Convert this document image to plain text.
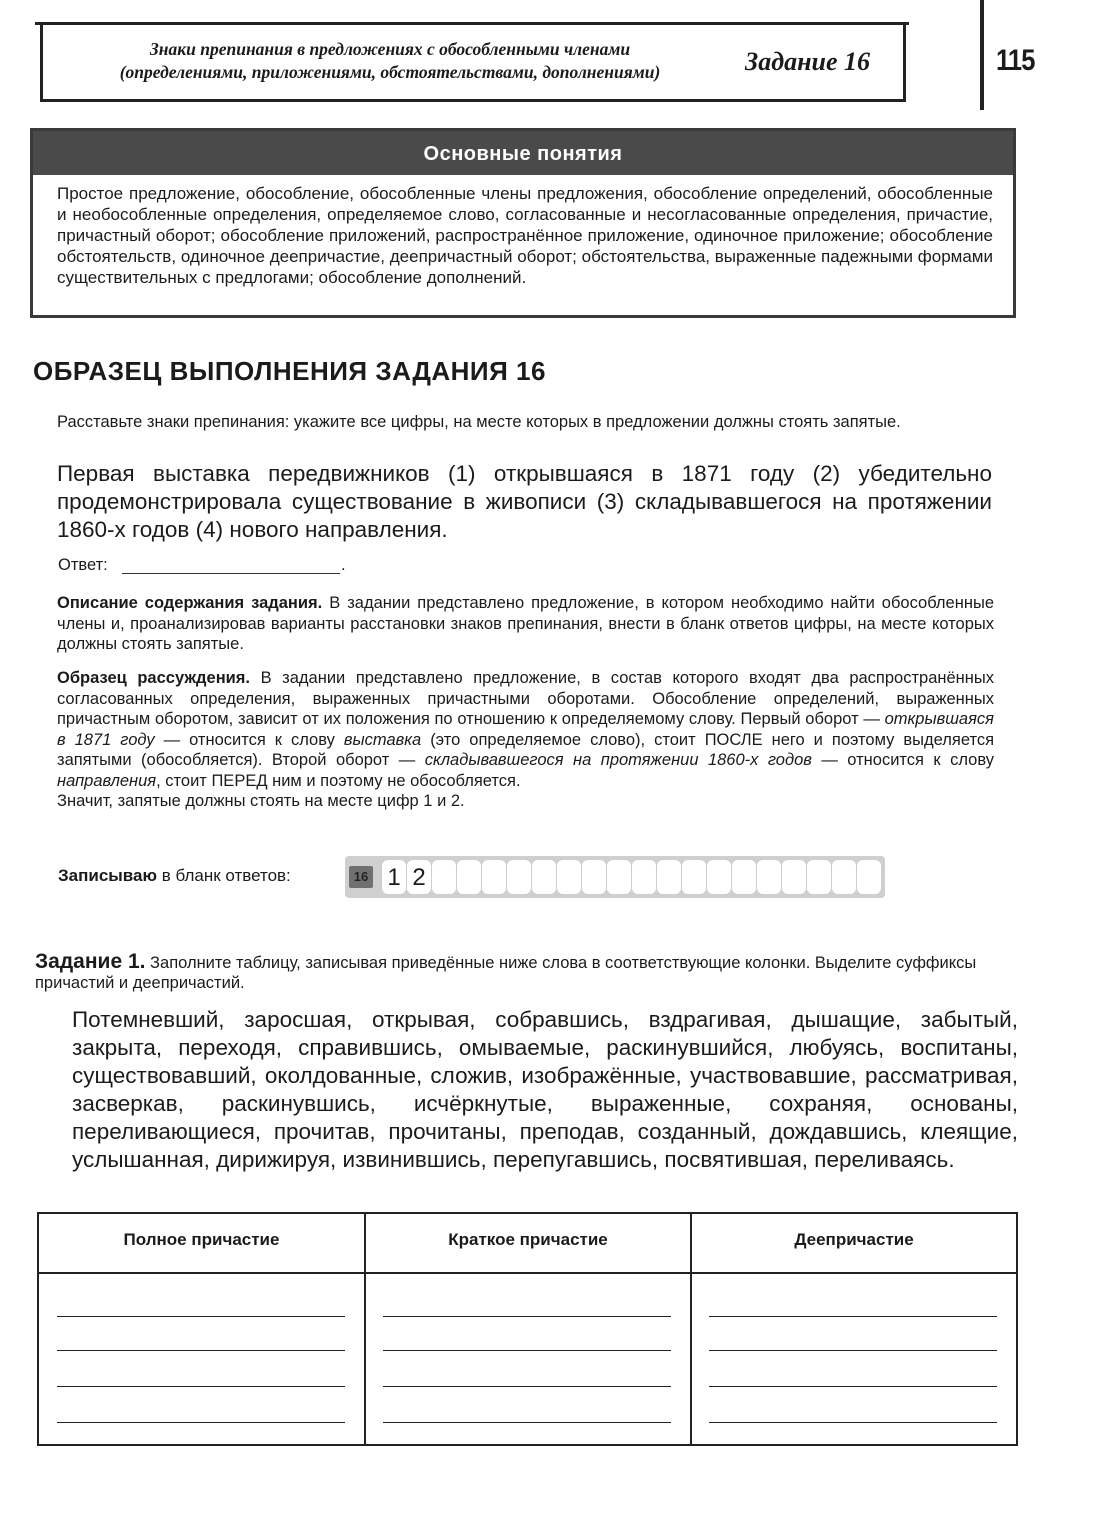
Знаки препинания в предложениях с обособленными членами
(определениями, приложениями, обстоятельствами, дополнениями)	Задание 16	115
Основные понятия
Простое предложение, обособление, обособленные члены предложения, обособление определений, обособленные и необособленные определения, определяемое слово, согласованные и несогласованные определения, причастие, причастный оборот; обособление приложений, распространённое приложение, одиночное приложение; обособление обстоятельств, одиночное деепричастие, деепричастный оборот; обстоятельства, выраженные падежными формами существительных с предлогами; обособление дополнений.
ОБРАЗЕЦ ВЫПОЛНЕНИЯ ЗАДАНИЯ 16
Расставьте знаки препинания: укажите все цифры, на месте которых в предложении должны стоять запятые.
Первая выставка передвижников (1) открывшаяся в 1871 году (2) убедительно продемонстрировала существование в живописи (3) складывавшегося на протяжении 1860-х годов (4) нового направления.
Ответ:	.
Описание содержания задания. В задании представлено предложение, в котором необходимо найти обособленные члены и, проанализировав варианты расстановки знаков препинания, внести в бланк ответов цифры, на месте которых должны стоять запятые.
Образец рассуждения. В задании представлено предложение, в состав которого входят два распространённых согласованных определения, выраженных причастными оборотами. Обособление определений, выраженных причастным оборотом, зависит от их положения по отношению к определяемому слову. Первый оборот — открывшаяся в 1871 году — относится к слову выставка (это определяемое слово), стоит ПОСЛЕ него и поэтому выделяется запятыми (обособляется). Второй оборот — складывавшегося на протяжении 1860-х годов — относится к слову направления, стоит ПЕРЕД ним и поэтому не обособляется.
Значит, запятые должны стоять на месте цифр 1 и 2.
Записываю в бланк ответов:	16 1 2
Задание 1. Заполните таблицу, записывая приведённые ниже слова в соответствующие колонки. Выделите суффиксы причастий и деепричастий.
Потемневший, заросшая, открывая, собравшись, вздрагивая, дышащие, забытый, закрыта, переходя, справившись, омываемые, раскинувшийся, любуясь, воспитаны, существовавший, околдованные, сложив, изображённые, участвовавшие, рассматривая, засверкав, раскинувшись, исчёркнутые, выраженные, сохраняя, основаны, переливающиеся, прочитав, прочитаны, преподав, созданный, дождавшись, клеящие, услышанная, дирижируя, извинившись, перепугавшись, посвятившая, переливаясь.
Полное причастие	Краткое причастие	Деепричастие
